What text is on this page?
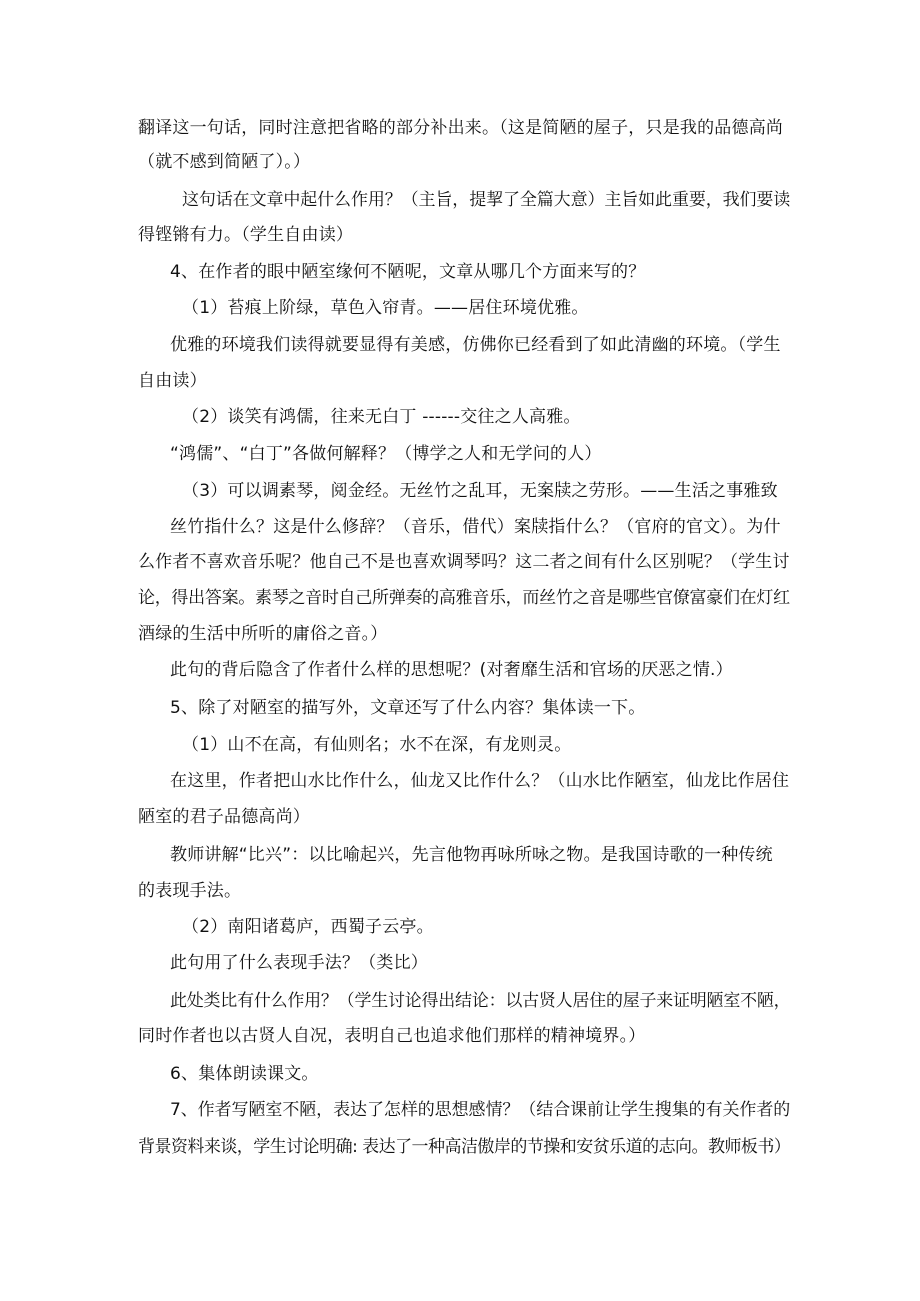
翻译这一句话，同时注意把省略的部分补出来。（这是简陋的屋子，只是我的品德高尚
（就不感到简陋了）。）
这句话在文章中起什么作用？（主旨，提挈了全篇大意）主旨如此重要，我们要读
得铿锵有力。（学生自由读）
4、在作者的眼中陋室缘何不陋呢，文章从哪几个方面来写的？
（1）苔痕上阶绿，草色入帘青。——居住环境优雅。
优雅的环境我们读得就要显得有美感，仿佛你已经看到了如此清幽的环境。（学生
自由读）
（2）谈笑有鸿儒，往来无白丁 ------交往之人高雅。
“鸿儒”、“白丁”各做何解释？（博学之人和无学问的人）
（3）可以调素琴，阅金经。无丝竹之乱耳，无案牍之劳形。——生活之事雅致
丝竹指什么？这是什么修辞？（音乐，借代）案牍指什么？（官府的官文）。为什
么作者不喜欢音乐呢？他自己不是也喜欢调琴吗？这二者之间有什么区别呢？（学生讨
论，得出答案。素琴之音时自己所弹奏的高雅音乐，而丝竹之音是哪些官僚富豪们在灯红
酒绿的生活中所听的庸俗之音。）
此句的背后隐含了作者什么样的思想呢？(对奢靡生活和官场的厌恶之情.）
5、除了对陋室的描写外，文章还写了什么内容？集体读一下。
（1）山不在高，有仙则名；水不在深，有龙则灵。
在这里，作者把山水比作什么，仙龙又比作什么？（山水比作陋室，仙龙比作居住
陋室的君子品德高尚）
教师讲解“比兴”：以比喻起兴，先言他物再咏所咏之物。是我国诗歌的一种传统
的表现手法。
（2）南阳诸葛庐，西蜀子云亭。
此句用了什么表现手法？（类比）
此处类比有什么作用？（学生讨论得出结论：以古贤人居住的屋子来证明陋室不陋，
同时作者也以古贤人自况，表明自己也追求他们那样的精神境界。）
6、集体朗读课文。
7、作者写陋室不陋，表达了怎样的思想感情？（结合课前让学生搜集的有关作者的
背景资料来谈，学生讨论明确: 表达了一种高洁傲岸的节操和安贫乐道的志向。教师板书）
